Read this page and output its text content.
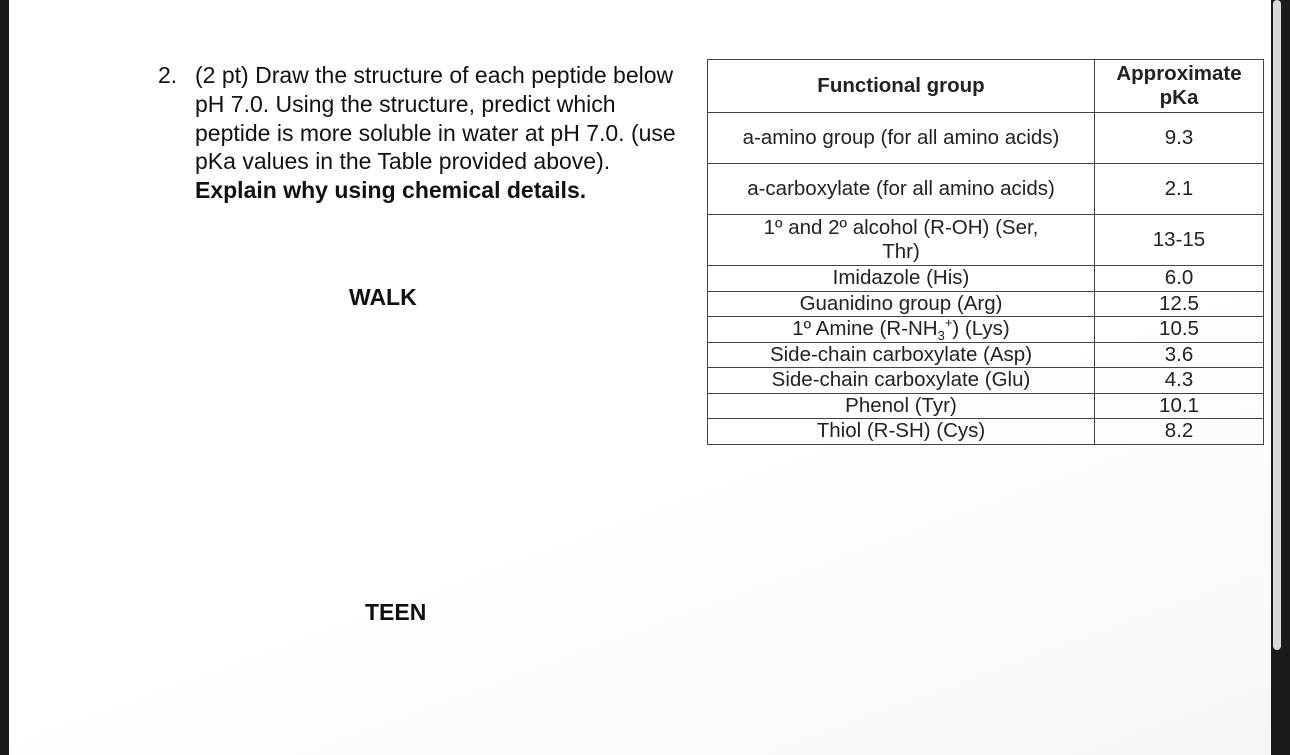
2. (2 pt) Draw the structure of each peptide below pH 7.0. Using the structure, predict which peptide is more soluble in water at pH 7.0. (use pKa values in the Table provided above). Explain why using chemical details.
WALK
TEEN
Functional group	Approximate pKa

a-amino group (for all amino acids)	9.3
a-carboxylate (for all amino acids)	2.1
1º and 2º alcohol (R-OH) (Ser, Thr)	13-15
Imidazole (His)	6.0
Guanidino group (Arg)	12.5
1º Amine $(R-NH_3^+)$ (Lys)	10.5
Side-chain carboxylate (Asp)	3.6
Side-chain carboxylate (Glu)	4.3
Phenol (Tyr)	10.1
Thiol (R-SH) (Cys)	8.2
